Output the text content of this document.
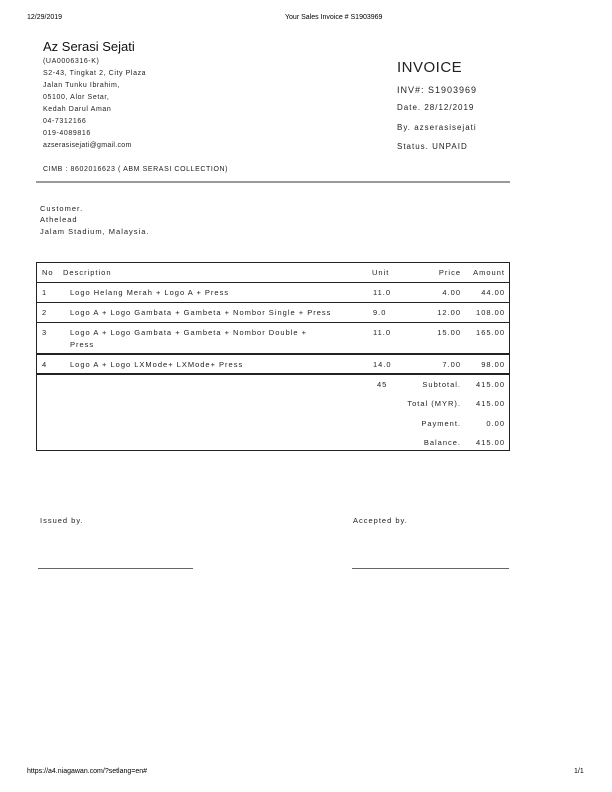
12/29/2019	Your Sales Invoice # S1903969
Az Serasi Sejati
(UA0006316-K)
S2-43, Tingkat 2, City Plaza
Jalan Tunku Ibrahim,
05100, Alor Setar,
Kedah Darul Aman
04-7312166
019-4089816
azserasisejati@gmail.com
CIMB : 8602016623 ( ABM SERASI COLLECTION)
INVOICE
INV#: S1903969
Date. 28/12/2019
By. azserasisejati
Status. UNPAID
Customer.
Athelead
Jalam Stadium, Malaysia.
No Description	Unit	Price	Amount
1	Logo Helang Merah + Logo A + Press	11.0	4.00	44.00
2	Logo A + Logo Gambata + Gambeta + Nombor Single + Press	9.0	12.00	108.00
3	Logo A + Logo Gambata + Gambeta + Nombor Double +
Press
11.0	15.00	165.00
4	Logo A + Logo LXMode+ LXMode+ Press	14.0	7.00	98.00
45	Subtotal.	415.00
Total (MYR).	415.00
Payment.	0.00
Balance.	415.00
Issued by.	Accepted by.
https://a4.niagawan.com/?setlang=en#	1/1
